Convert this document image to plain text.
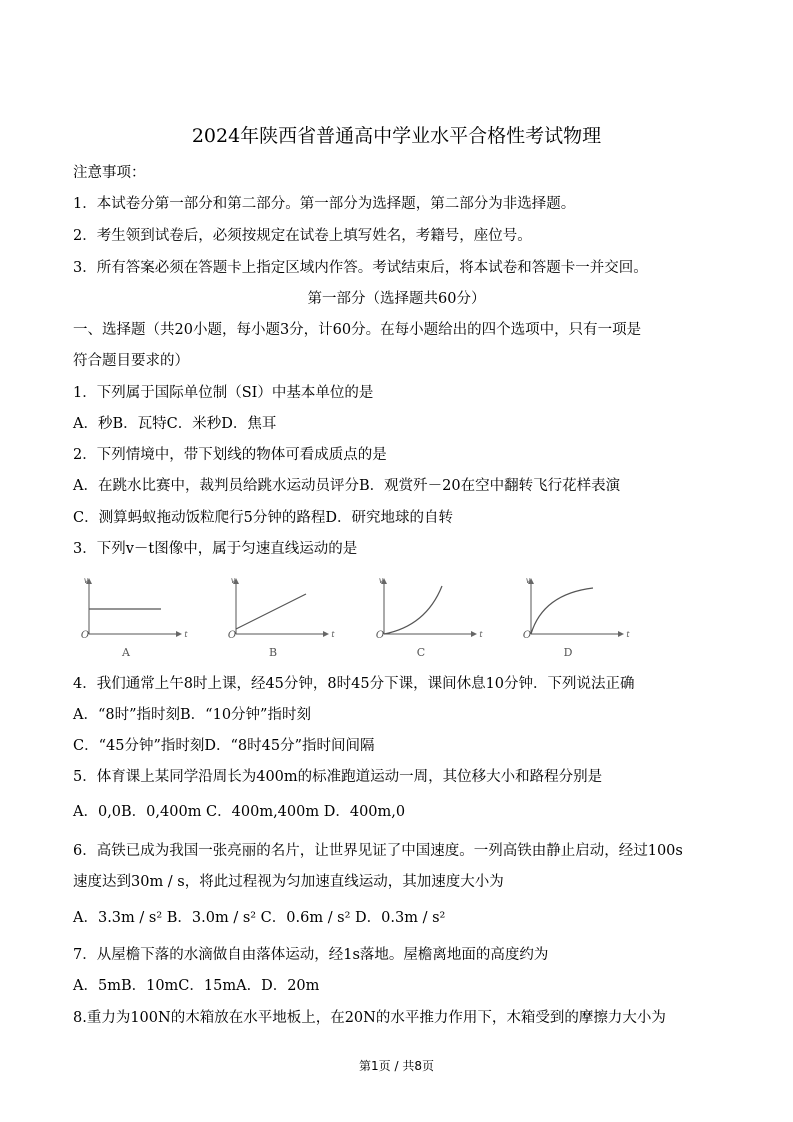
2024年陕西省普通高中学业水平合格性考试物理
注意事项：
1．本试卷分第一部分和第二部分。第一部分为选择题，第二部分为非选择题。
2．考生领到试卷后，必须按规定在试卷上填写姓名，考籍号，座位号。
3．所有答案必须在答题卡上指定区域内作答。考试结束后，将本试卷和答题卡一并交回。
第一部分（选择题共60分）
一、选择题（共20小题，每小题3分，计60分。在每小题给出的四个选项中，只有一项是
符合题目要求的）
1．下列属于国际单位制（SI）中基本单位的是
A．秒B．瓦特C．米秒D．焦耳
2．下列情境中，带下划线的物体可看成质点的是
A．在跳水比赛中，裁判员给跳水运动员评分B．观赏歼－20在空中翻转飞行花样表演
C．测算蚂蚁拖动饭粒爬行5分钟的路程D．研究地球的自转
3．下列v－t图像中，属于匀速直线运动的是
O
v
t
A
O
v
t
B
O
v
t
C
O
v
t
D
4．我们通常上午8时上课，经45分钟，8时45分下课，课间休息10分钟．下列说法正确
A．“8时”指时刻B．“10分钟”指时刻
C．“45分钟”指时刻D．“8时45分”指时间间隔
5．体育课上某同学沿周长为400m的标准跑道运动一周，其位移大小和路程分别是
A．0,0B．0,400m C．400m,400m D．400m,0
6．高铁已成为我国一张亮丽的名片，让世界见证了中国速度。一列高铁由静止启动，经过100s
速度达到30m / s，将此过程视为匀加速直线运动，其加速度大小为
A．3.3m / s² B．3.0m / s² C．0.6m / s² D．0.3m / s²
7．从屋檐下落的水滴做自由落体运动，经1s落地。屋檐离地面的高度约为
A．5mB．10mC．15mA．D．20m
8.重力为100N的木箱放在水平地板上，在20N的水平推力作用下，木箱受到的摩擦力大小为
第1页 / 共8页
